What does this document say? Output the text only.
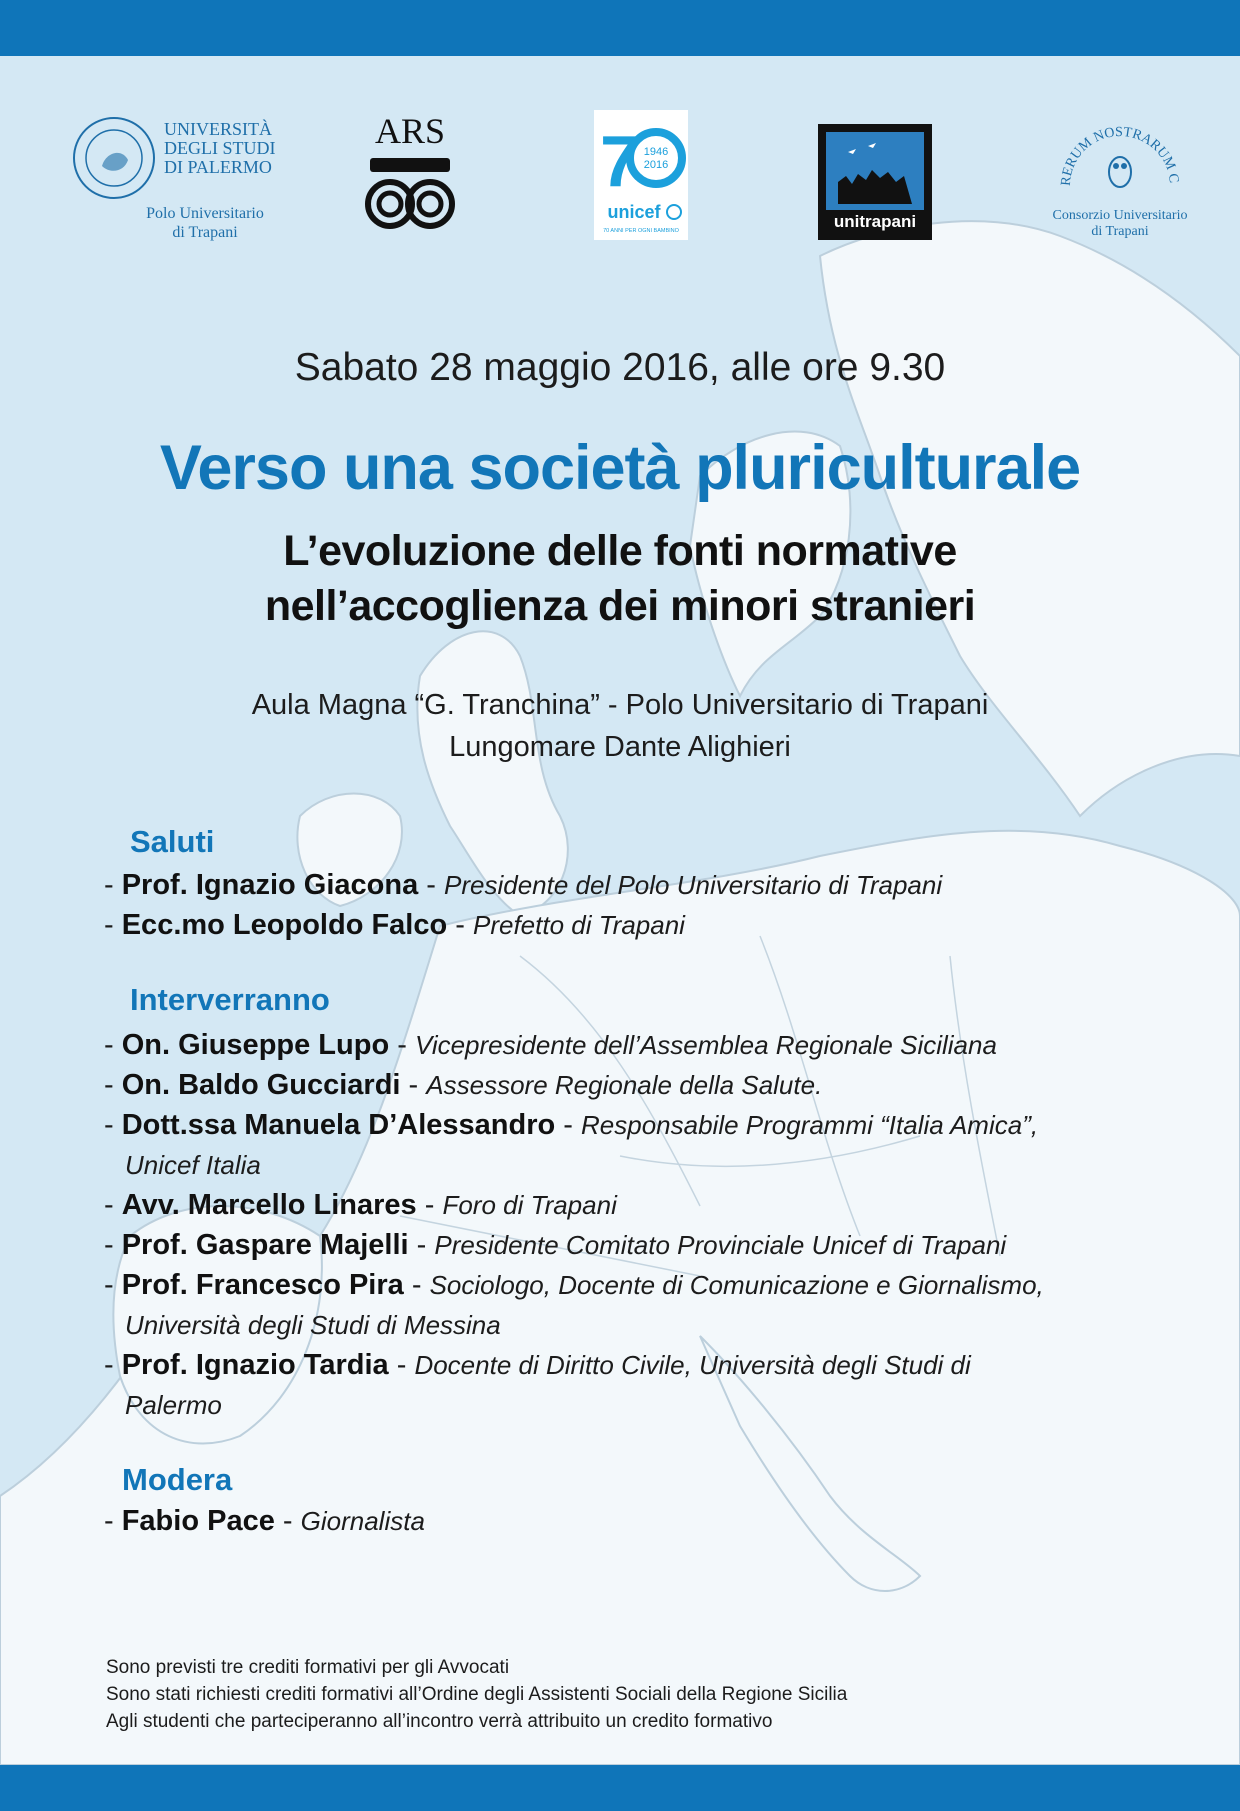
UNIVERSITÀ
DEGLI STUDI
DI PALERMO
Polo Universitario
di Trapani
ARS 7 1946
2016
unicef
70 ANNI PER OGNI BAMBINO	unitrapani
RERUM NOSTRARUM C
Consorzio Universitario
di Trapani
Sabato 28 maggio 2016, alle ore 9.30
Verso una società pluriculturale
L’evoluzione delle fonti normative
nell’accoglienza dei minori stranieri
Aula Magna “G. Tranchina” - Polo Universitario di Trapani
Lungomare Dante Alighieri
Saluti
- Prof. Ignazio Giacona - Presidente del Polo Universitario di Trapani
- Ecc.mo Leopoldo Falco - Prefetto di Trapani
Interverranno
- On. Giuseppe Lupo - Vicepresidente dell’Assemblea Regionale Siciliana
- On. Baldo Gucciardi - Assessore Regionale della Salute.
- Dott.ssa Manuela D’Alessandro - Responsabile Programmi “Italia Amica”,
Unicef Italia
- Avv. Marcello Linares - Foro di Trapani
- Prof. Gaspare Majelli - Presidente Comitato Provinciale Unicef di Trapani
- Prof. Francesco Pira - Sociologo, Docente di Comunicazione e Giornalismo,
Università degli Studi di Messina
- Prof. Ignazio Tardia - Docente di Diritto Civile, Università degli Studi di
Palermo
Modera
- Fabio Pace - Giornalista
Sono previsti tre crediti formativi per gli Avvocati
Sono stati richiesti crediti formativi all’Ordine degli Assistenti Sociali della Regione Sicilia
Agli studenti che parteciperanno all’incontro verrà attribuito un credito formativo
